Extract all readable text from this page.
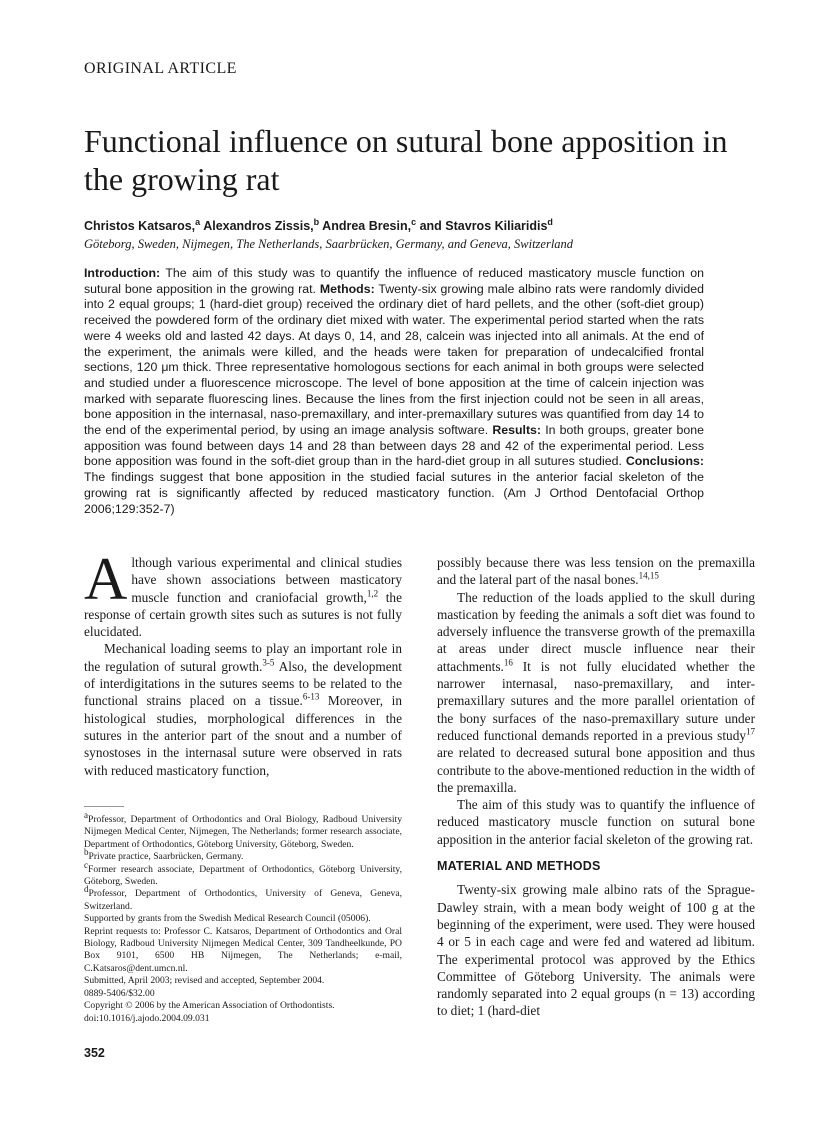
ORIGINAL ARTICLE
Functional influence on sutural bone apposition in the growing rat
Christos Katsaros,$^a$ Alexandros Zissis,$^b$ Andrea Bresin,$^c$ and Stavros Kiliaridis$^d$
Göteborg, Sweden, Nijmegen, The Netherlands, Saarbrücken, Germany, and Geneva, Switzerland

Introduction: The aim of this study was to quantify the influence of reduced masticatory muscle function on sutural bone apposition in the growing rat. Methods: Twenty-six growing male albino rats were randomly divided into 2 equal groups; 1 (hard-diet group) received the ordinary diet of hard pellets, and the other (soft-diet group) received the powdered form of the ordinary diet mixed with water. The experimental period started when the rats were 4 weeks old and lasted 42 days. At days 0, 14, and 28, calcein was injected into all animals. At the end of the experiment, the animals were killed, and the heads were taken for preparation of undecalcified frontal sections, 120 μm thick. Three representative homologous sections for each animal in both groups were selected and studied under a fluorescence microscope. The level of bone apposition at the time of calcein injection was marked with separate fluorescing lines. Because the lines from the first injection could not be seen in all areas, bone apposition in the internasal, naso-premaxillary, and inter-premaxillary sutures was quantified from day 14 to the end of the experimental period, by using an image analysis software. Results: In both groups, greater bone apposition was found between days 14 and 28 than between days 28 and 42 of the experimental period. Less bone apposition was found in the soft-diet group than in the hard-diet group in all sutures studied. Conclusions: The findings suggest that bone apposition in the studied facial sutures in the anterior facial skeleton of the growing rat is significantly affected by reduced masticatory function. (Am J Orthod Dentofacial Orthop 2006;129:352-7)

Although various experimental and clinical studies have shown associations between masticatory muscle function and craniofacial growth,$^{1,2}$ the response of certain growth sites such as sutures is not fully elucidated.

Mechanical loading seems to play an important role in the regulation of sutural growth.$^{3-5}$ Also, the development of interdigitations in the sutures seems to be related to the functional strains placed on a tissue.$^{6-13}$ Moreover, in histological studies, morphological differences in the sutures in the anterior part of the snout and a number of synostoses in the internasal suture were observed in rats with reduced masticatory function,

$^a$Professor, Department of Orthodontics and Oral Biology, Radboud University Nijmegen Medical Center, Nijmegen, The Netherlands; former research associate, Department of Orthodontics, Göteborg University, Göteborg, Sweden.
$^b$Private practice, Saarbrücken, Germany.
$^c$Former research associate, Department of Orthodontics, Göteborg University, Göteborg, Sweden.
$^d$Professor, Department of Orthodontics, University of Geneva, Geneva, Switzerland.
Supported by grants from the Swedish Medical Research Council (05006).
Reprint requests to: Professor C. Katsaros, Department of Orthodontics and Oral Biology, Radboud University Nijmegen Medical Center, 309 Tandheelkunde, PO Box 9101, 6500 HB Nijmegen, The Netherlands; e-mail, C.Katsaros@dent.umcn.nl.
Submitted, April 2003; revised and accepted, September 2004.
0889-5406/$32.00
Copyright © 2006 by the American Association of Orthodontists.
doi:10.1016/j.ajodo.2004.09.031

possibly because there was less tension on the premaxilla and the lateral part of the nasal bones.$^{14,15}$

The reduction of the loads applied to the skull during mastication by feeding the animals a soft diet was found to adversely influence the transverse growth of the premaxilla at areas under direct muscle influence near their attachments.$^{16}$ It is not fully elucidated whether the narrower internasal, naso-premaxillary, and inter-premaxillary sutures and the more parallel orientation of the bony surfaces of the naso-premaxillary suture under reduced functional demands reported in a previous study$^{17}$ are related to decreased sutural bone apposition and thus contribute to the above-mentioned reduction in the width of the premaxilla.

The aim of this study was to quantify the influence of reduced masticatory muscle function on sutural bone apposition in the anterior facial skeleton of the growing rat.

MATERIAL AND METHODS

Twenty-six growing male albino rats of the Sprague-Dawley strain, with a mean body weight of 100 g at the beginning of the experiment, were used. They were housed 4 or 5 in each cage and were fed and watered ad libitum. The experimental protocol was approved by the Ethics Committee of Göteborg University. The animals were randomly separated into 2 equal groups (n = 13) according to diet; 1 (hard-diet

352
